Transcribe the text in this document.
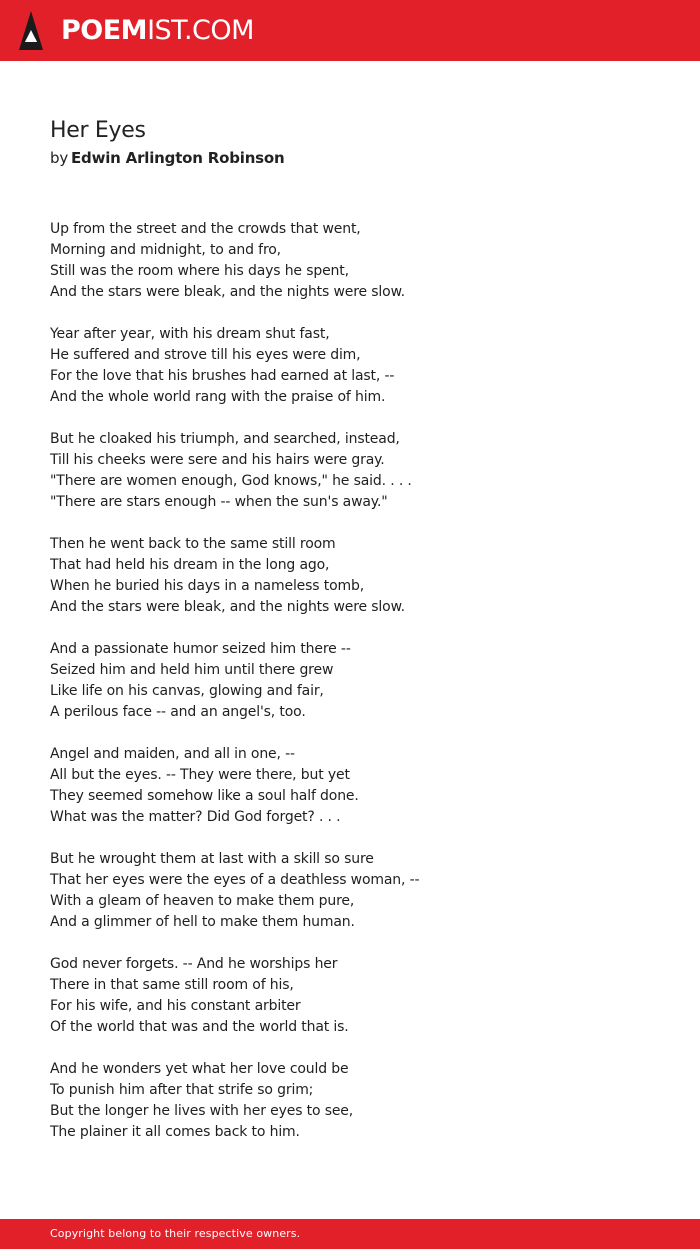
POEMIST.COM
Her Eyes
by Edwin Arlington Robinson
Up from the street and the crowds that went,
Morning and midnight, to and fro,
Still was the room where his days he spent,
And the stars were bleak, and the nights were slow.
Year after year, with his dream shut fast,
He suffered and strove till his eyes were dim,
For the love that his brushes had earned at last, --
And the whole world rang with the praise of him.
But he cloaked his triumph, and searched, instead,
Till his cheeks were sere and his hairs were gray.
"There are women enough, God knows," he said. . . .
"There are stars enough -- when the sun's away."
Then he went back to the same still room
That had held his dream in the long ago,
When he buried his days in a nameless tomb,
And the stars were bleak, and the nights were slow.
And a passionate humor seized him there --
Seized him and held him until there grew
Like life on his canvas, glowing and fair,
A perilous face -- and an angel's, too.
Angel and maiden, and all in one, --
All but the eyes. -- They were there, but yet
They seemed somehow like a soul half done.
What was the matter? Did God forget? . . .
But he wrought them at last with a skill so sure
That her eyes were the eyes of a deathless woman, --
With a gleam of heaven to make them pure,
And a glimmer of hell to make them human.
God never forgets. -- And he worships her
There in that same still room of his,
For his wife, and his constant arbiter
Of the world that was and the world that is.
And he wonders yet what her love could be
To punish him after that strife so grim;
But the longer he lives with her eyes to see,
The plainer it all comes back to him.
Copyright belong to their respective owners.
